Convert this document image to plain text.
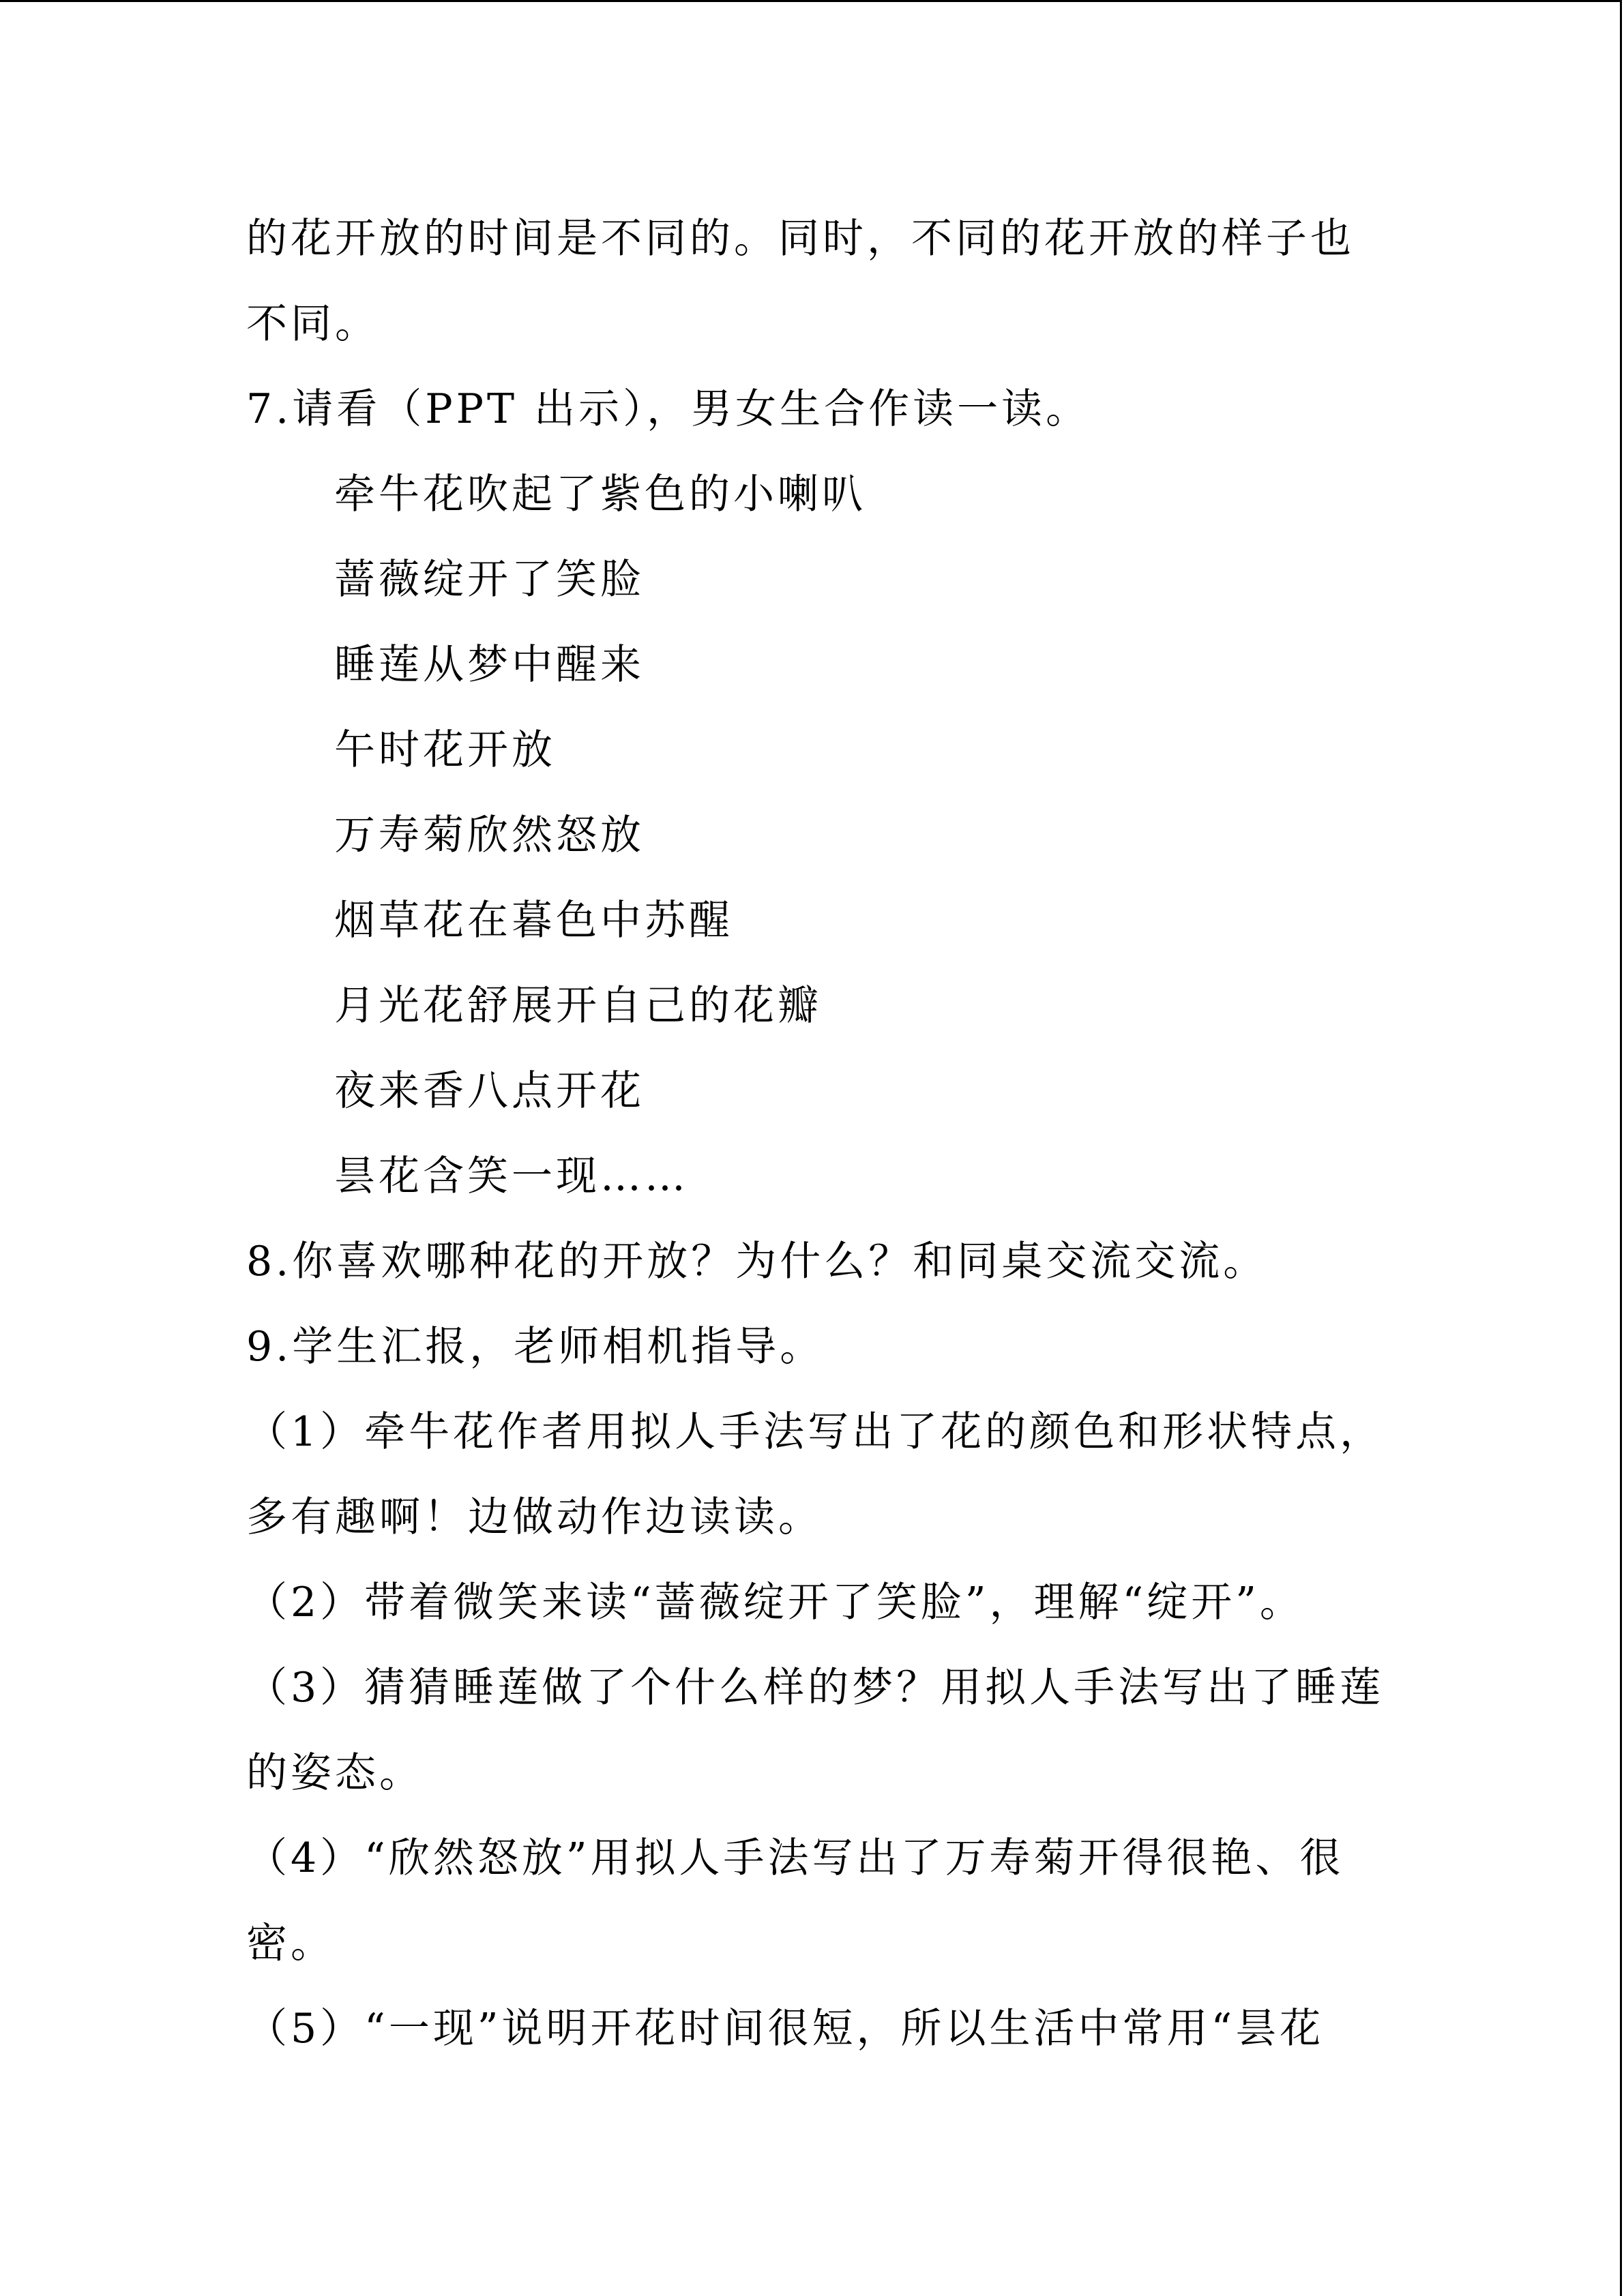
的花开放的时间是不同的。同时，不同的花开放的样子也
不同。
7.请看（PPT 出示），男女生合作读一读。
牵牛花吹起了紫色的小喇叭
蔷薇绽开了笑脸
睡莲从梦中醒来
午时花开放
万寿菊欣然怒放
烟草花在暮色中苏醒
月光花舒展开自己的花瓣
夜来香八点开花
昙花含笑一现……
8.你喜欢哪种花的开放？为什么？和同桌交流交流。
9.学生汇报，老师相机指导。
（1）牵牛花作者用拟人手法写出了花的颜色和形状特点，
多有趣啊！边做动作边读读。
（2）带着微笑来读“蔷薇绽开了笑脸”，理解“绽开”。
（3）猜猜睡莲做了个什么样的梦？用拟人手法写出了睡莲
的姿态。
（4）“欣然怒放”用拟人手法写出了万寿菊开得很艳、很
密。
（5）“一现”说明开花时间很短，所以生活中常用“昙花
